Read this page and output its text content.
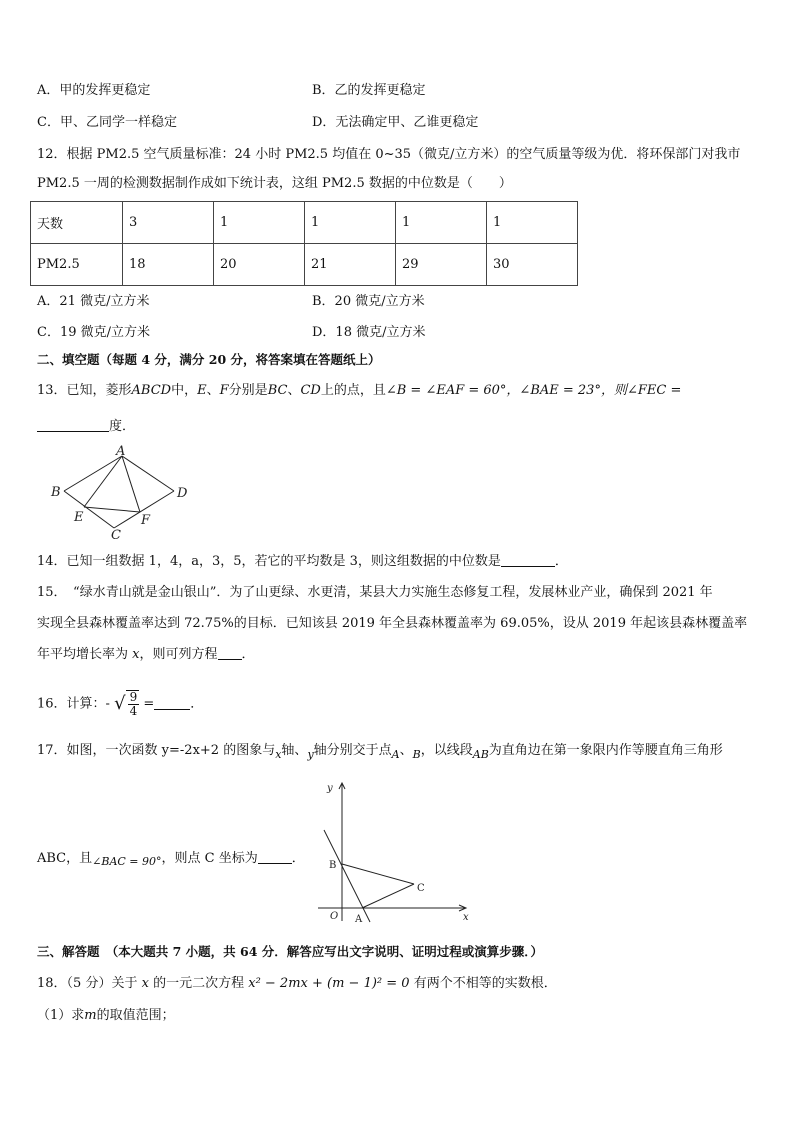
A．甲的发挥更稳定	B．乙的发挥更稳定
C．甲、乙同学一样稳定	D．无法确定甲、乙谁更稳定
12．根据 PM2.5 空气质量标准：24 小时 PM2.5 均值在 0~35（微克/立方米）的空气质量等级为优．将环保部门对我市
PM2.5 一周的检测数据制作成如下统计表，这组 PM2.5 数据的中位数是（　　）
天数	3	1	1	1	1
PM2.5	18	20	21	29	30
A．21 微克/立方米	B．20 微克/立方米
C．19 微克/立方米	D．18 微克/立方米
二、填空题（每题 4 分，满分 20 分，将答案填在答题纸上）
13．已知，菱形ABCD中，E、F分别是BC、CD上的点，且∠B = ∠EAF = 60°，∠BAE = 23°，则∠FEC =
度．
A
B	D
E	F
C
14．已知一组数据 1，4，a，3，5，若它的平均数是 3，则这组数据的中位数是	．
15．　“绿水青山就是金山银山”．为了山更绿、水更清，某县大力实施生态修复工程，发展林业产业，确保到 2021 年
实现全县森林覆盖率达到 72.75%的目标．已知该县 2019 年全县森林覆盖率为 69.05%，设从 2019 年起该县森林覆盖率
年平均增长率为 x，则可列方程 ．
16．计算：- √ $\frac{9}{4}$ =	．
17．如图，一次函数 y=-2x+2 的图象与$_x$轴、$_y$轴分别交于点$_A$、$_B$，以线段$_{AB}$为直角边在第一象限内作等腰直角三角形
ABC，且$_{\angle BAC = 90^\circ}$，则点 C 坐标为	．
y
x
O A
B
C
三、解答题　（本大题共 7 小题，共 64 分．解答应写出文字说明、证明过程或演算步骤．）
18．（5 分）关于 x 的一元二次方程 x² − 2mx + (m − 1)² = 0 有两个不相等的实数根．
（1）求m的取值范围；
